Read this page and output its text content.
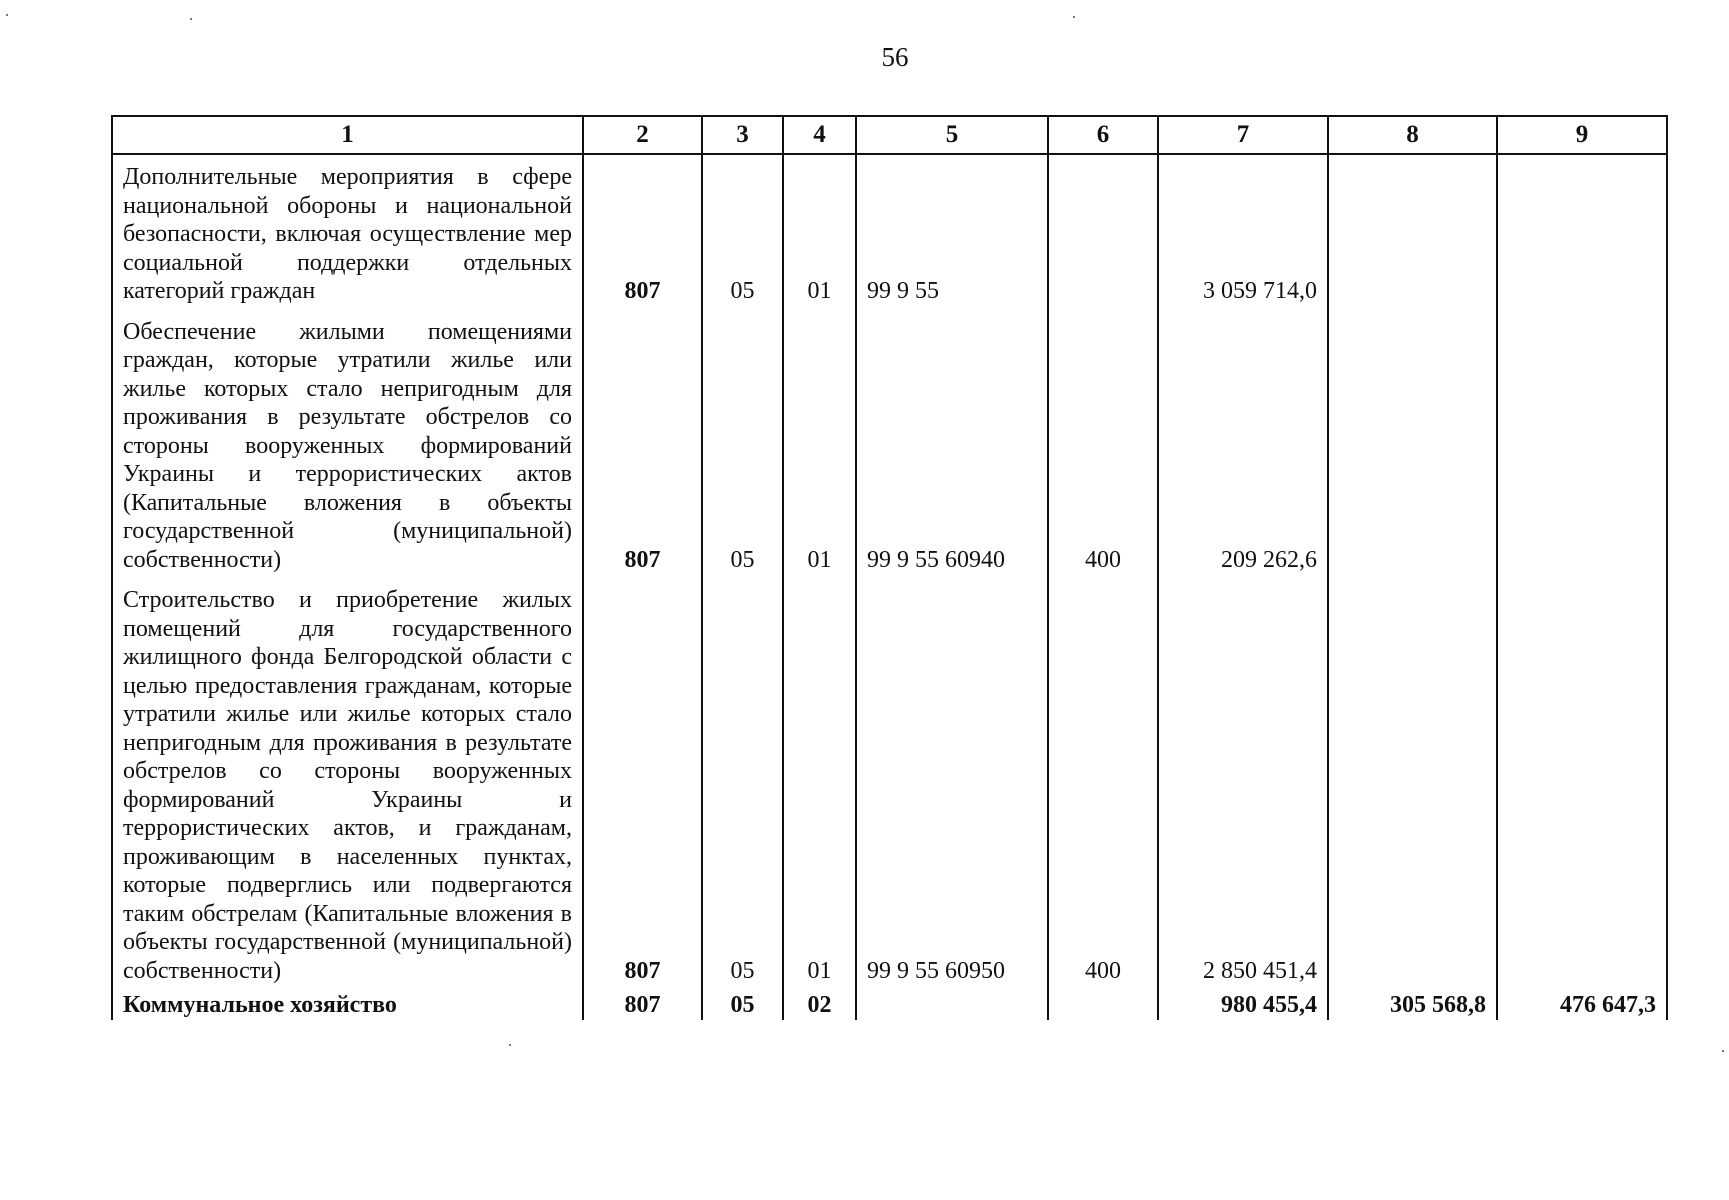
56
1	2	3	4	5	6	7	8	9
Дополнительные мероприятия в сфере национальной обороны и национальной безопасности, включая осуществление мер социальной поддержки отдельных категорий граждан	807	05	01	99 9 55		3 059 714,0		
Обеспечение жилыми помещениями граждан, которые утратили жилье или жилье которых стало непригодным для проживания в результате обстрелов со стороны вооруженных формирований Украины и террористических актов (Капитальные вложения в объекты государственной (муниципальной) собственности)	807	05	01	99 9 55 60940	400	209 262,6		
Строительство и приобретение жилых помещений для государственного жилищного фонда Белгородской области с целью предоставления гражданам, которые утратили жилье или жилье которых стало непригодным для проживания в результате обстрелов со стороны вооруженных формирований Украины и террористических актов, и гражданам, проживающим в населенных пунктах, которые подверглись или подвергаются таким обстрелам (Капитальные вложения в объекты государственной (муниципальной) собственности)	807	05	01	99 9 55 60950	400	2 850 451,4		
Коммунальное хозяйство	807	05	02			980 455,4	305 568,8	476 647,3
